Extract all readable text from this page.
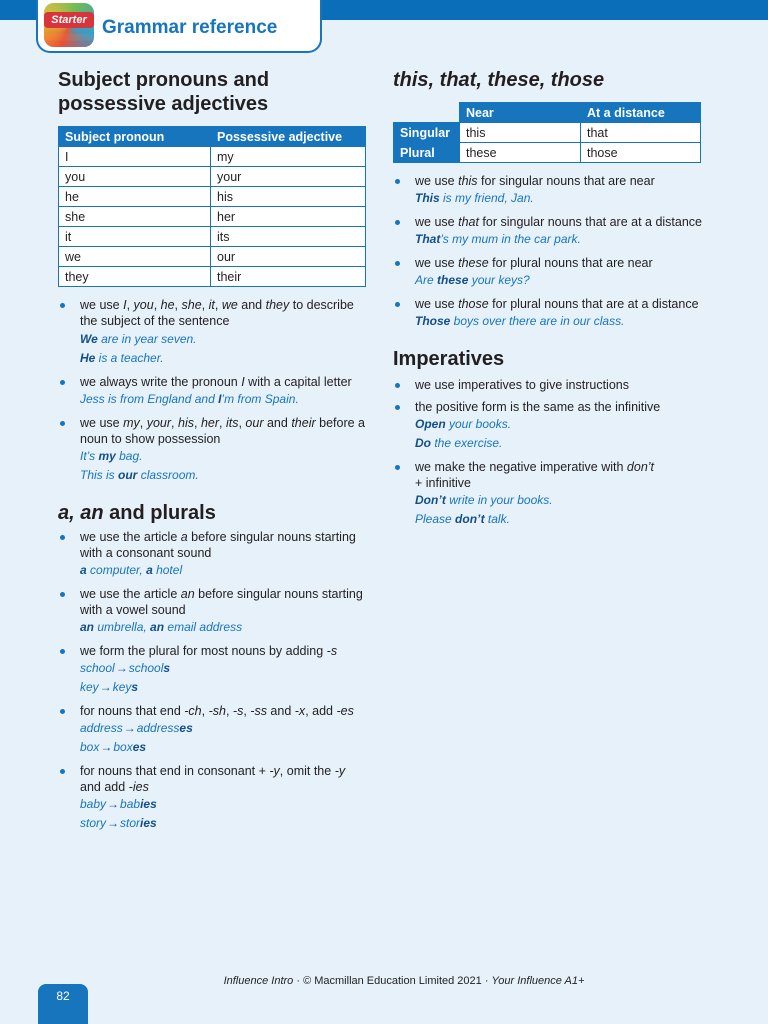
Starter Grammar reference
Subject pronouns and
possessive adjectives
Subject pronoun	Possessive adjective
I	my
you	your
he	his
she	her
it	its
we	our
they	their
we use I, you, he, she, it, we and they to describe the subject of the sentence
We are in year seven.
He is a teacher.
we always write the pronoun I with a capital letter
Jess is from England and I’m from Spain.
we use my, your, his, her, its, our and their before a noun to show possession
It’s my bag.
This is our classroom.
a, an and plurals
we use the article a before singular nouns starting with a consonant sound
a computer, a hotel
we use the article an before singular nouns starting with a vowel sound
an umbrella, an email address
we form the plural for most nouns by adding -s
school→schools
key→keys
for nouns that end -ch, -sh, -s, -ss and -x, add -es
address→addresses
box→boxes
for nouns that end in consonant + -y, omit the -y and add -ies
baby→babies
story→stories
this, that, these, those
	Near	At a distance
Singular	this	that
Plural	these	those
we use this for singular nouns that are near
This is my friend, Jan.
we use that for singular nouns that are at a distance
That’s my mum in the car park.
we use these for plural nouns that are near
Are these your keys?
we use those for plural nouns that are at a distance
Those boys over there are in our class.
Imperatives
we use imperatives to give instructions
the positive form is the same as the infinitive
Open your books.
Do the exercise.
we make the negative imperative with don’t
+ infinitive
Don’t write in your books.
Please don’t talk.
Influence Intro · © Macmillan Education Limited 2021 · Your Influence A1+
82
